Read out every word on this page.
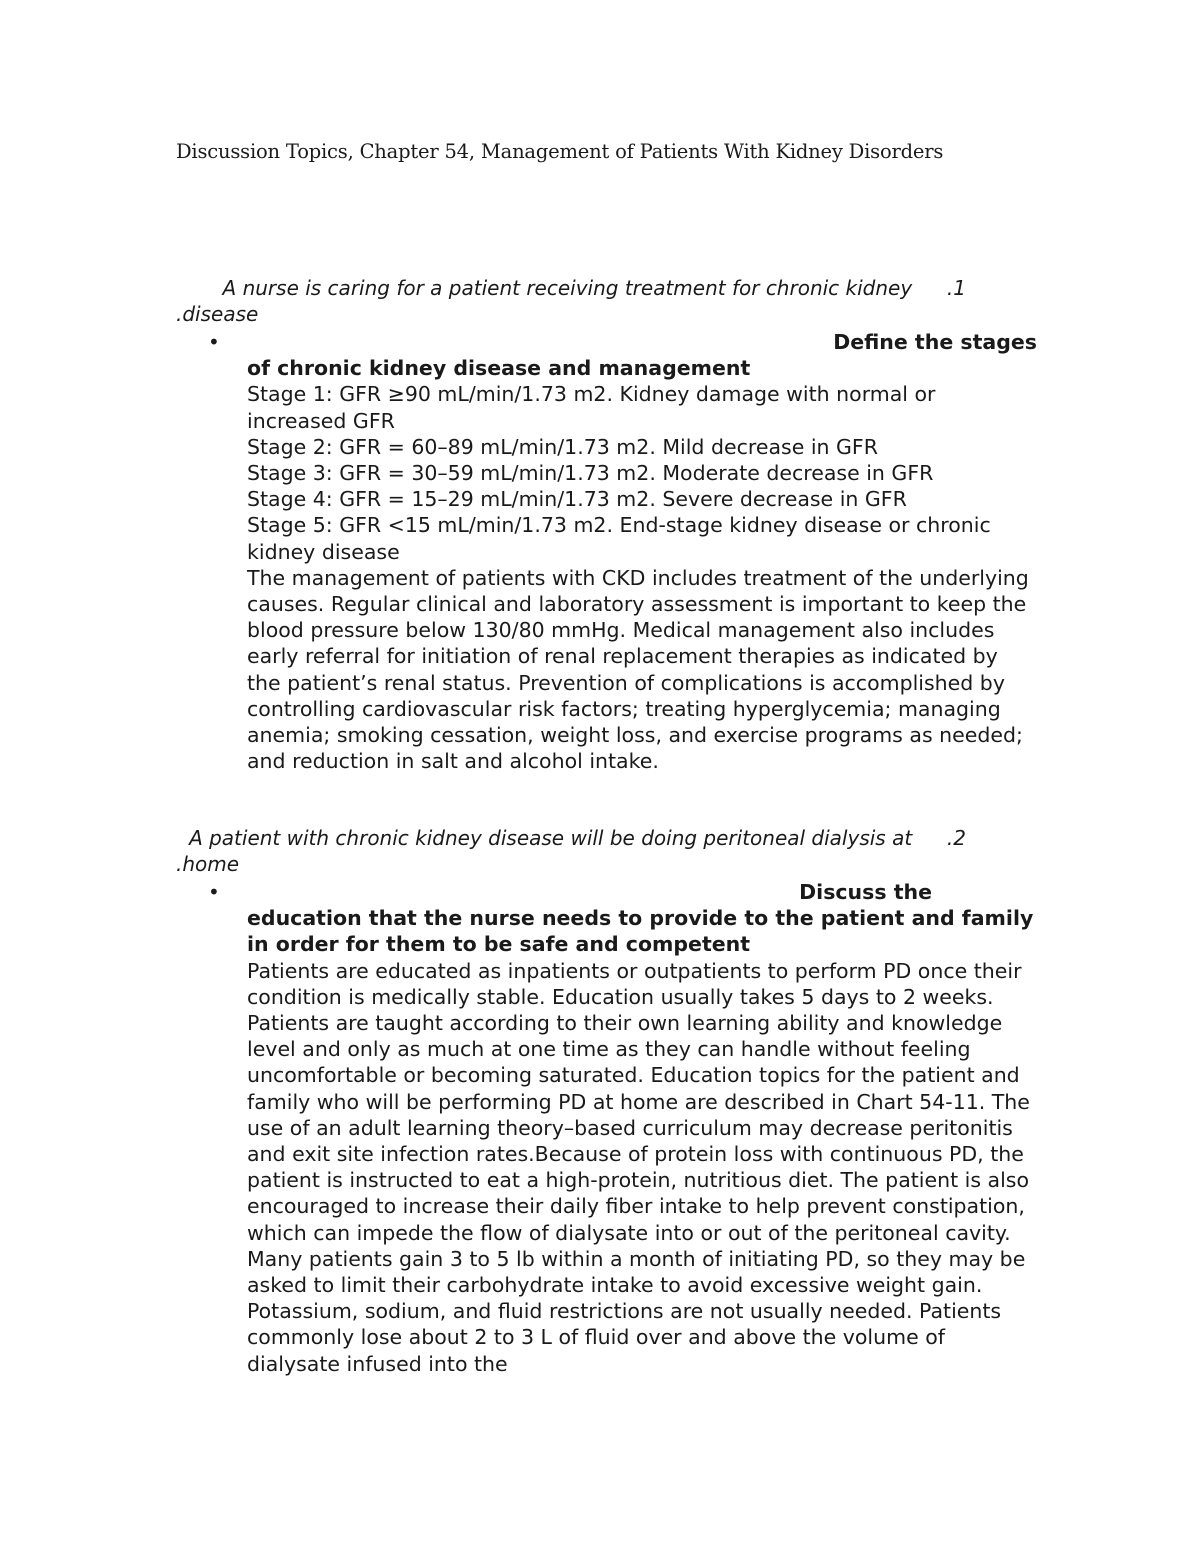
Discussion Topics, Chapter 54, Management of Patients With Kidney Disorders
A nurse is caring for a patient receiving treatment for chronic kidney .1
.disease
•	Define the stages

of chronic kidney disease and management

Stage 1: GFR ≥90 mL/min/1.73 m2. Kidney damage with normal or increased GFR

Stage 2: GFR = 60–89 mL/min/1.73 m2. Mild decrease in GFR

Stage 3: GFR = 30–59 mL/min/1.73 m2. Moderate decrease in GFR

Stage 4: GFR = 15–29 mL/min/1.73 m2. Severe decrease in GFR

Stage 5: GFR <15 mL/min/1.73 m2. End-stage kidney disease or chronic kidney disease

The management of patients with CKD includes treatment of the underlying causes. Regular clinical and laboratory assessment is important to keep the blood pressure below 130/80 mmHg. Medical management also includes early referral for initiation of renal replacement therapies as indicated by the patient’s renal status. Prevention of complications is accomplished by controlling cardiovascular risk factors; treating hyperglycemia; managing anemia; smoking cessation, weight loss, and exercise programs as needed; and reduction in salt and alcohol intake.

A patient with chronic kidney disease will be doing peritoneal dialysis at .2
.home
•	Discuss the

education that the nurse needs to provide to the patient and family in order for them to be safe and competent

Patients are educated as inpatients or outpatients to perform PD once their condition is medically stable. Education usually takes 5 days to 2 weeks. Patients are taught according to their own learning ability and knowledge level and only as much at one time as they can handle without feeling uncomfortable or becoming saturated. Education topics for the patient and family who will be performing PD at home are described in Chart 54-11. The use of an adult learning theory–based curriculum may decrease peritonitis and exit site infection rates.Because of protein loss with continuous PD, the patient is instructed to eat a high-protein, nutritious diet. The patient is also encouraged to increase their daily fiber intake to help prevent constipation, which can impede the flow of dialysate into or out of the peritoneal cavity. Many patients gain 3 to 5 lb within a month of initiating PD, so they may be asked to limit their carbohydrate intake to avoid excessive weight gain. Potassium, sodium, and fluid restrictions are not usually needed. Patients commonly lose about 2 to 3 L of fluid over and above the volume of dialysate infused into the
